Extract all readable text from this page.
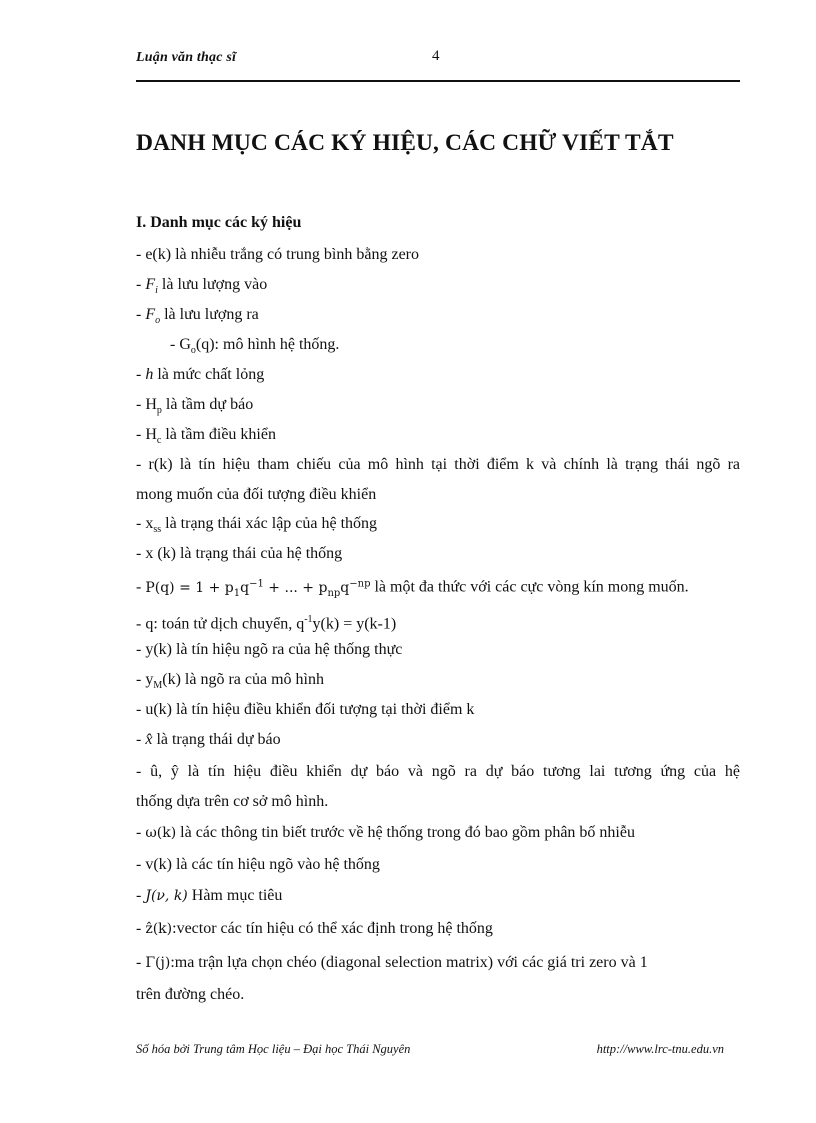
Luận văn thạc sĩ	4
DANH MỤC CÁC KÝ HIỆU, CÁC CHỮ VIẾT TẮT
I. Danh mục các ký hiệu
- e(k) là nhiễu trắng có trung bình bằng zero
- $F_i$ là lưu lượng vào
- $F_o$ là lưu lượng ra
- $G_o(q)$: mô hình hệ thống.
- h là mức chất lỏng
- $H_p$ là tầm dự báo
- $H_c$ là tầm điều khiển
- r(k) là tín hiệu tham chiếu của mô hình tại thời điểm k và chính là trạng thái ngõ ra
mong muốn của đối tượng điều khiển
- $x_{ss}$ là trạng thái xác lập của hệ thống
- x (k) là trạng thái của hệ thống
- $P(q) = 1 + p_1q^{-1}$ + ... + $p_{np}q^{-np}$ là một đa thức với các cực vòng kín mong muốn.
- q: toán tử dịch chuyển, $q^{-1}y(k) = y(k-1)$
- y(k) là tín hiệu ngõ ra của hệ thống thực
- $y_M(k)$ là ngõ ra của mô hình
- u(k) là tín hiệu điều khiển đối tượng tại thời điểm k
- x̂ là trạng thái dự báo
- û, ŷ là tín hiệu điều khiển dự báo và ngõ ra dự báo tương lai tương ứng của hệ
thống dựa trên cơ sở mô hình.
- ω(k) là các thông tin biết trước về hệ thống trong đó bao gồm phân bố nhiễu
- v(k) là các tín hiệu ngõ vào hệ thống
- J(ν, k) Hàm mục tiêu
- ẑ(k):vector các tín hiệu có thể xác định trong hệ thống
- Γ(j):ma trận lựa chọn chéo (diagonal selection matrix) với các giá tri zero và 1
trên đường chéo.
Số hóa bởi Trung tâm Học liệu – Đại học Thái Nguyên	http://www.lrc-tnu.edu.vn
